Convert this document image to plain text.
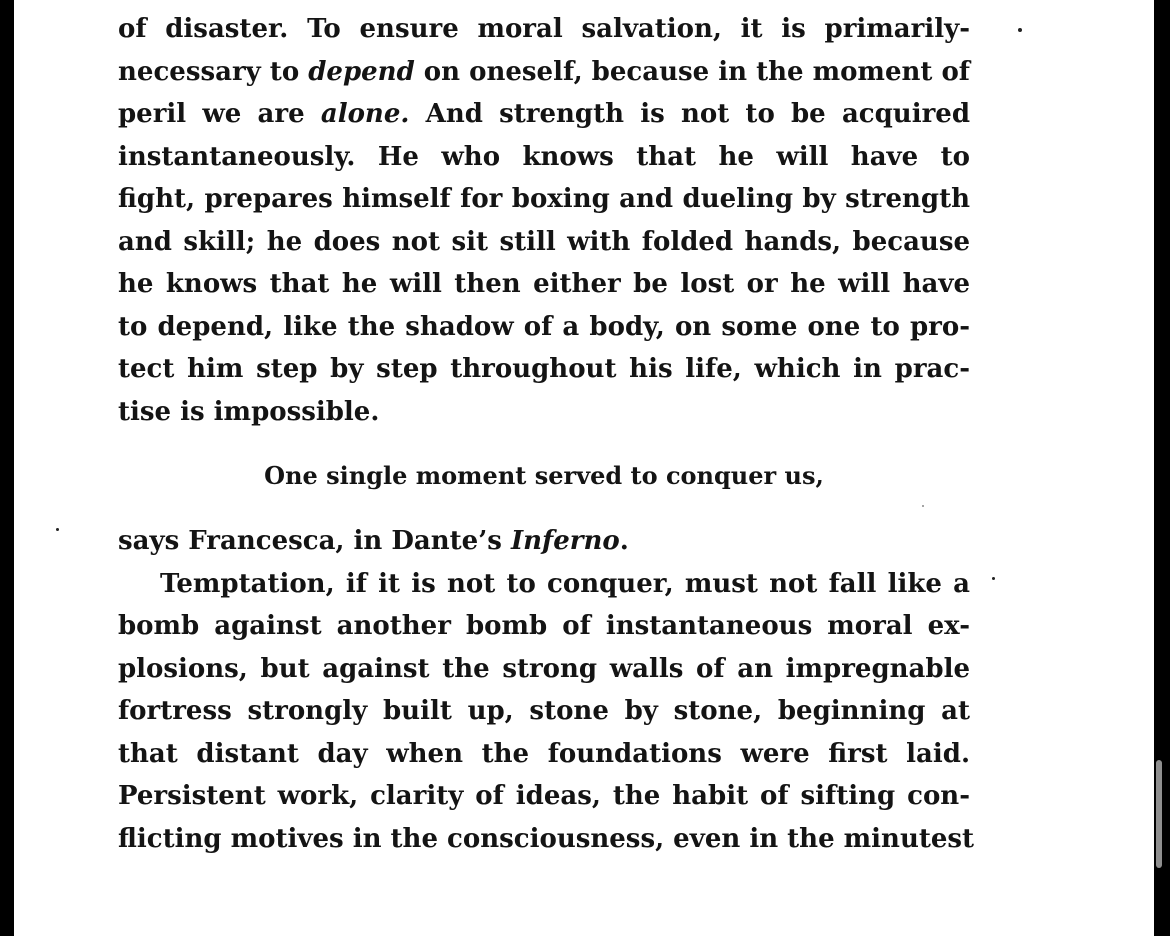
of disaster. To ensure moral salvation, it is primarily-
necessary to depend on oneself, because in the moment of
peril we are alone. And strength is not to be acquired
instantaneously. He who knows that he will have to
fight, prepares himself for boxing and dueling by strength
and skill; he does not sit still with folded hands, because
he knows that he will then either be lost or he will have
to depend, like the shadow of a body, on some one to pro-
tect him step by step throughout his life, which in prac-
tise is impossible.
One single moment served to conquer us,
says Francesca, in Dante’s Inferno.
Temptation, if it is not to conquer, must not fall like a
bomb against another bomb of instantaneous moral ex-
plosions, but against the strong walls of an impregnable
fortress strongly built up, stone by stone, beginning at
that distant day when the foundations were first laid.
Persistent work, clarity of ideas, the habit of sifting con-
flicting motives in the consciousness, even in the minutest
